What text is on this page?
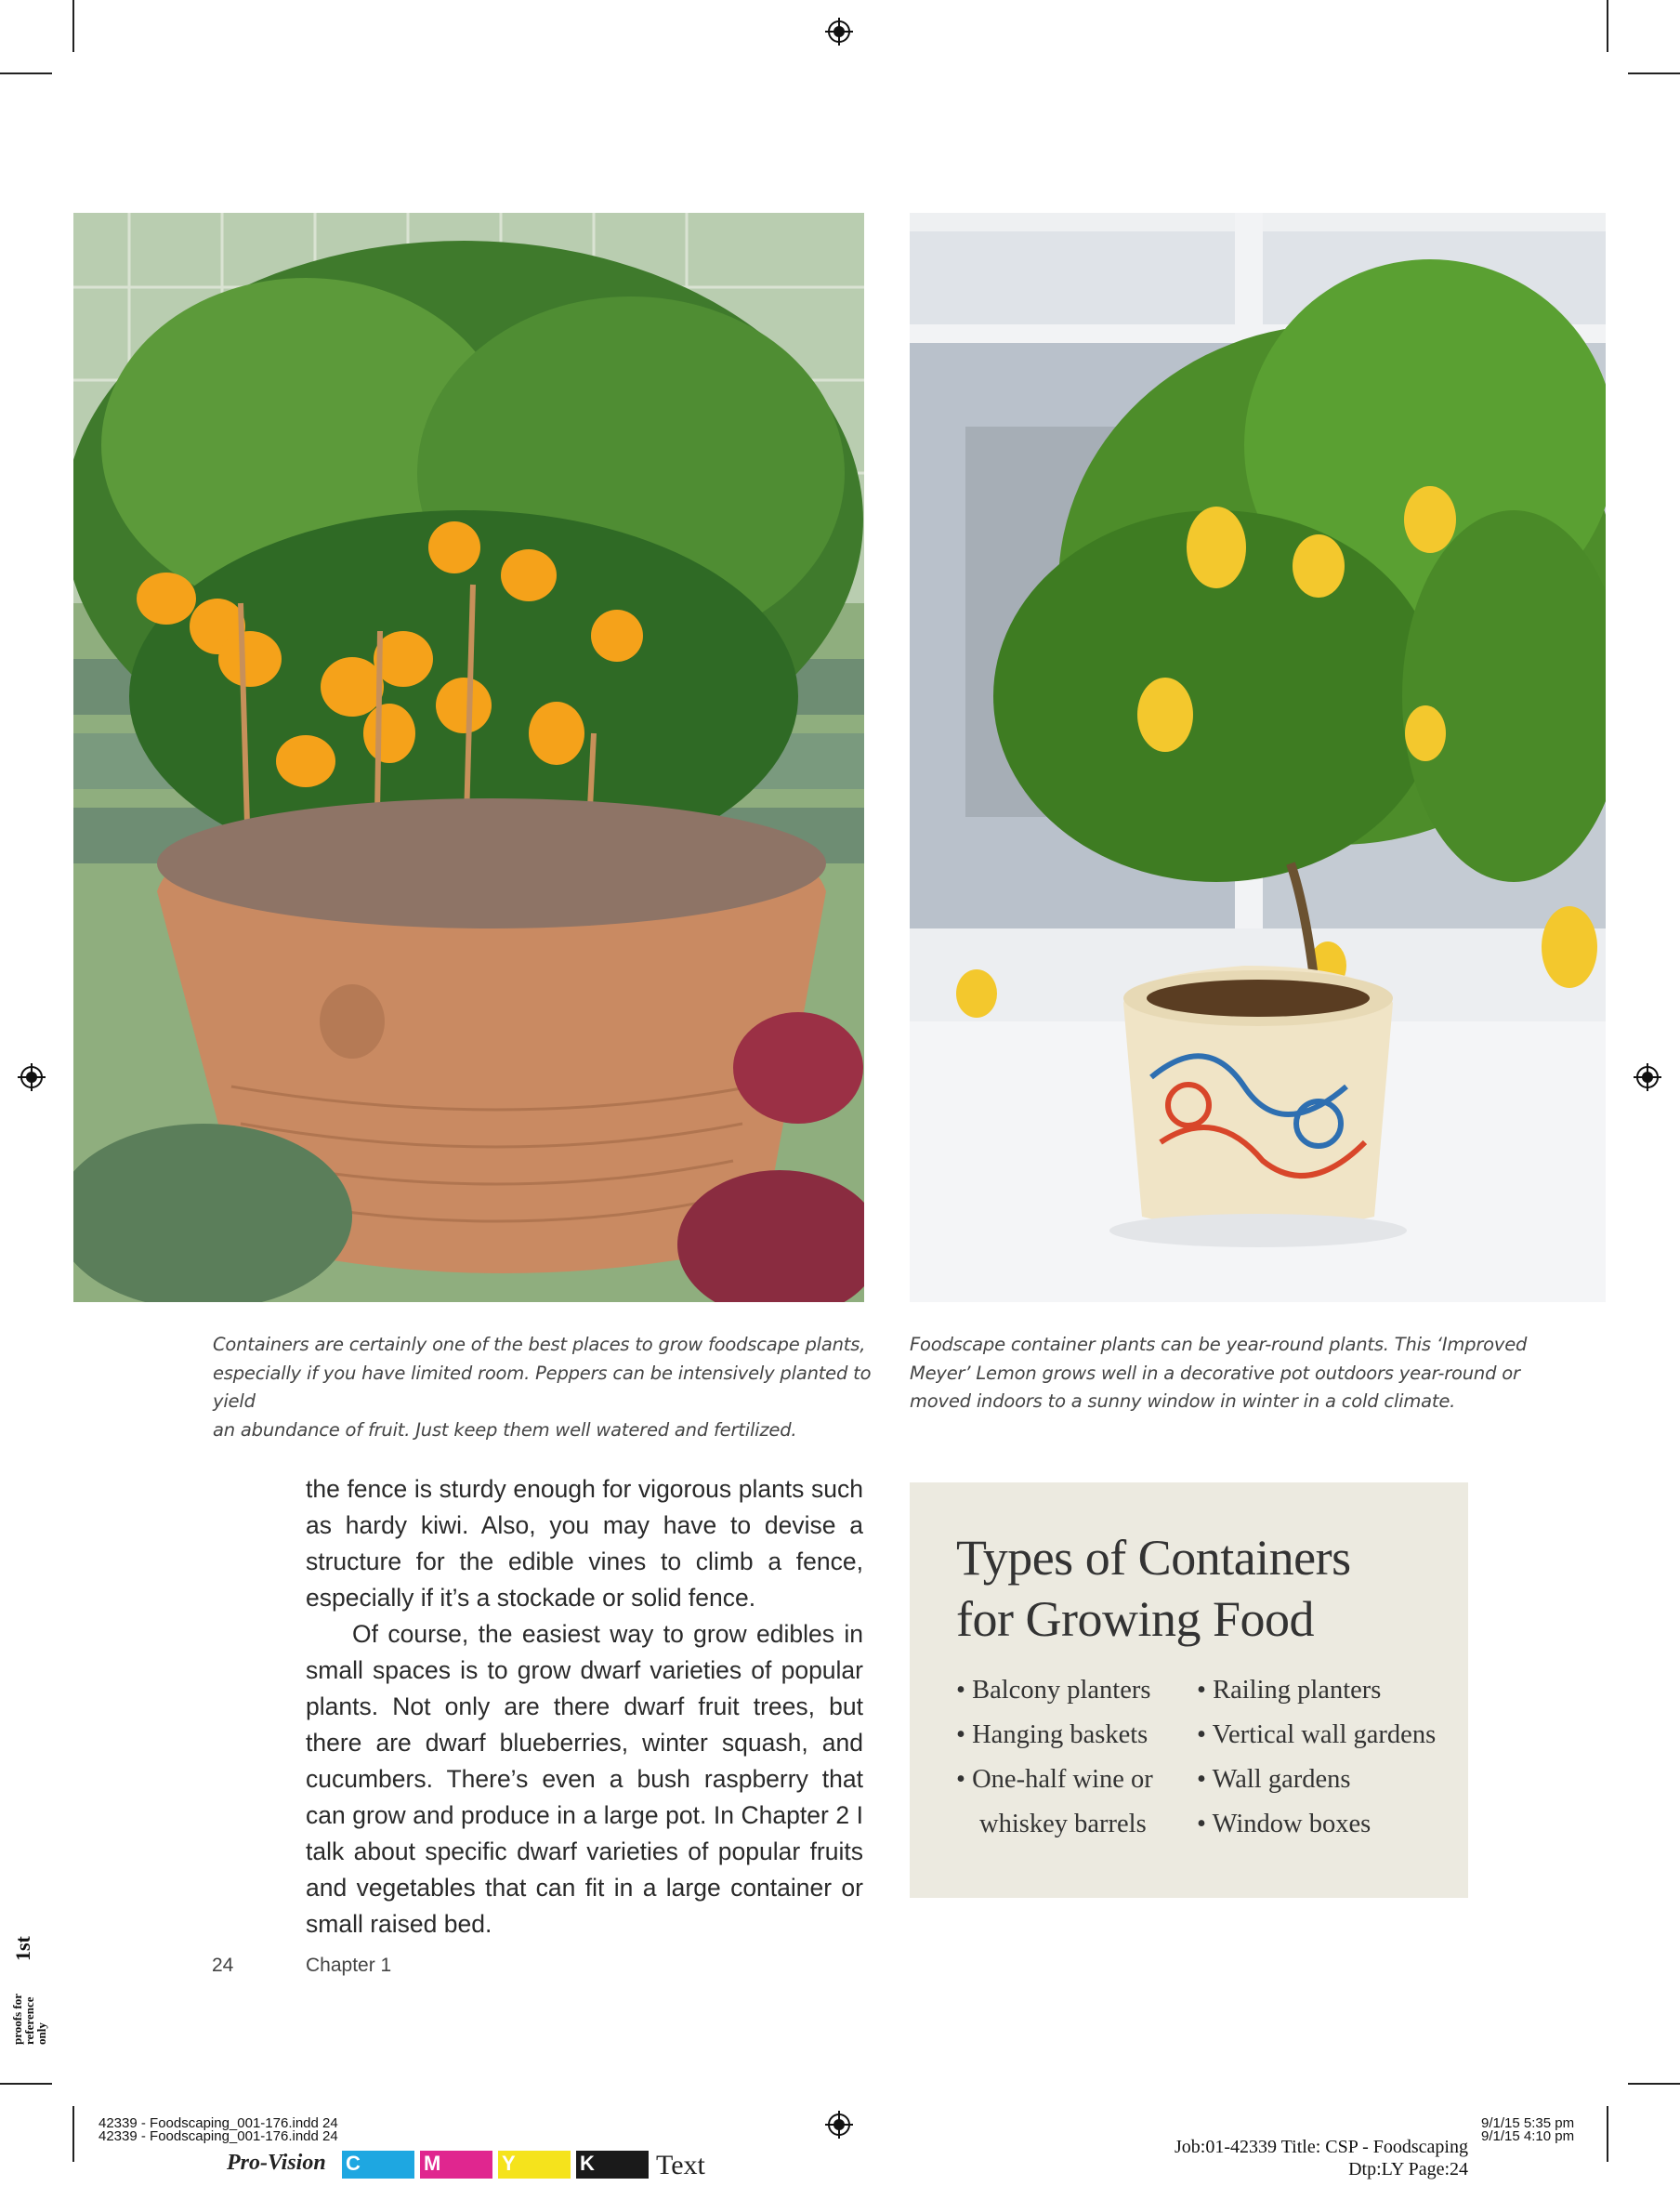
Containers are certainly one of the best places to grow foodscape plants,
especially if you have limited room. Peppers can be intensively planted to yield
an abundance of fruit. Just keep them well watered and fertilized.
Foodscape container plants can be year-round plants. This ‘Improved
Meyer’ Lemon grows well in a decorative pot outdoors year-round or
moved indoors to a sunny window in winter in a cold climate.

the fence is sturdy enough for vigorous plants such as hardy kiwi. Also, you may have to devise a structure for the edible vines to climb a fence, especially if it’s a stockade or solid fence.

Of course, the easiest way to grow edibles in small spaces is to grow dwarf varieties of popular plants. Not only are there dwarf fruit trees, but there are dwarf blueberries, winter squash, and cucumbers. There’s even a bush raspberry that can grow and produce in a large pot. In Chapter 2 I talk about specific dwarf varieties of popular fruits and vegetables that can fit in a large container or small raised bed.

Types of Containers
for Growing Food
• Balcony planters
• Hanging baskets
• One-half wine or
whiskey barrels
• Railing planters
• Vertical wall gardens
• Wall gardens
• Window boxes
24	Chapter 1
1st
proofs for
reference
only
42339 - Foodscaping_001-176.indd 24
42339 - Foodscaping_001-176.indd 24
9/1/15 5:35 pm
9/1/15 4:10 pm
Pro-Vision C	M	Y	K Text
Job:01-42339 Title: CSP - Foodscaping
Dtp:LY Page:24
